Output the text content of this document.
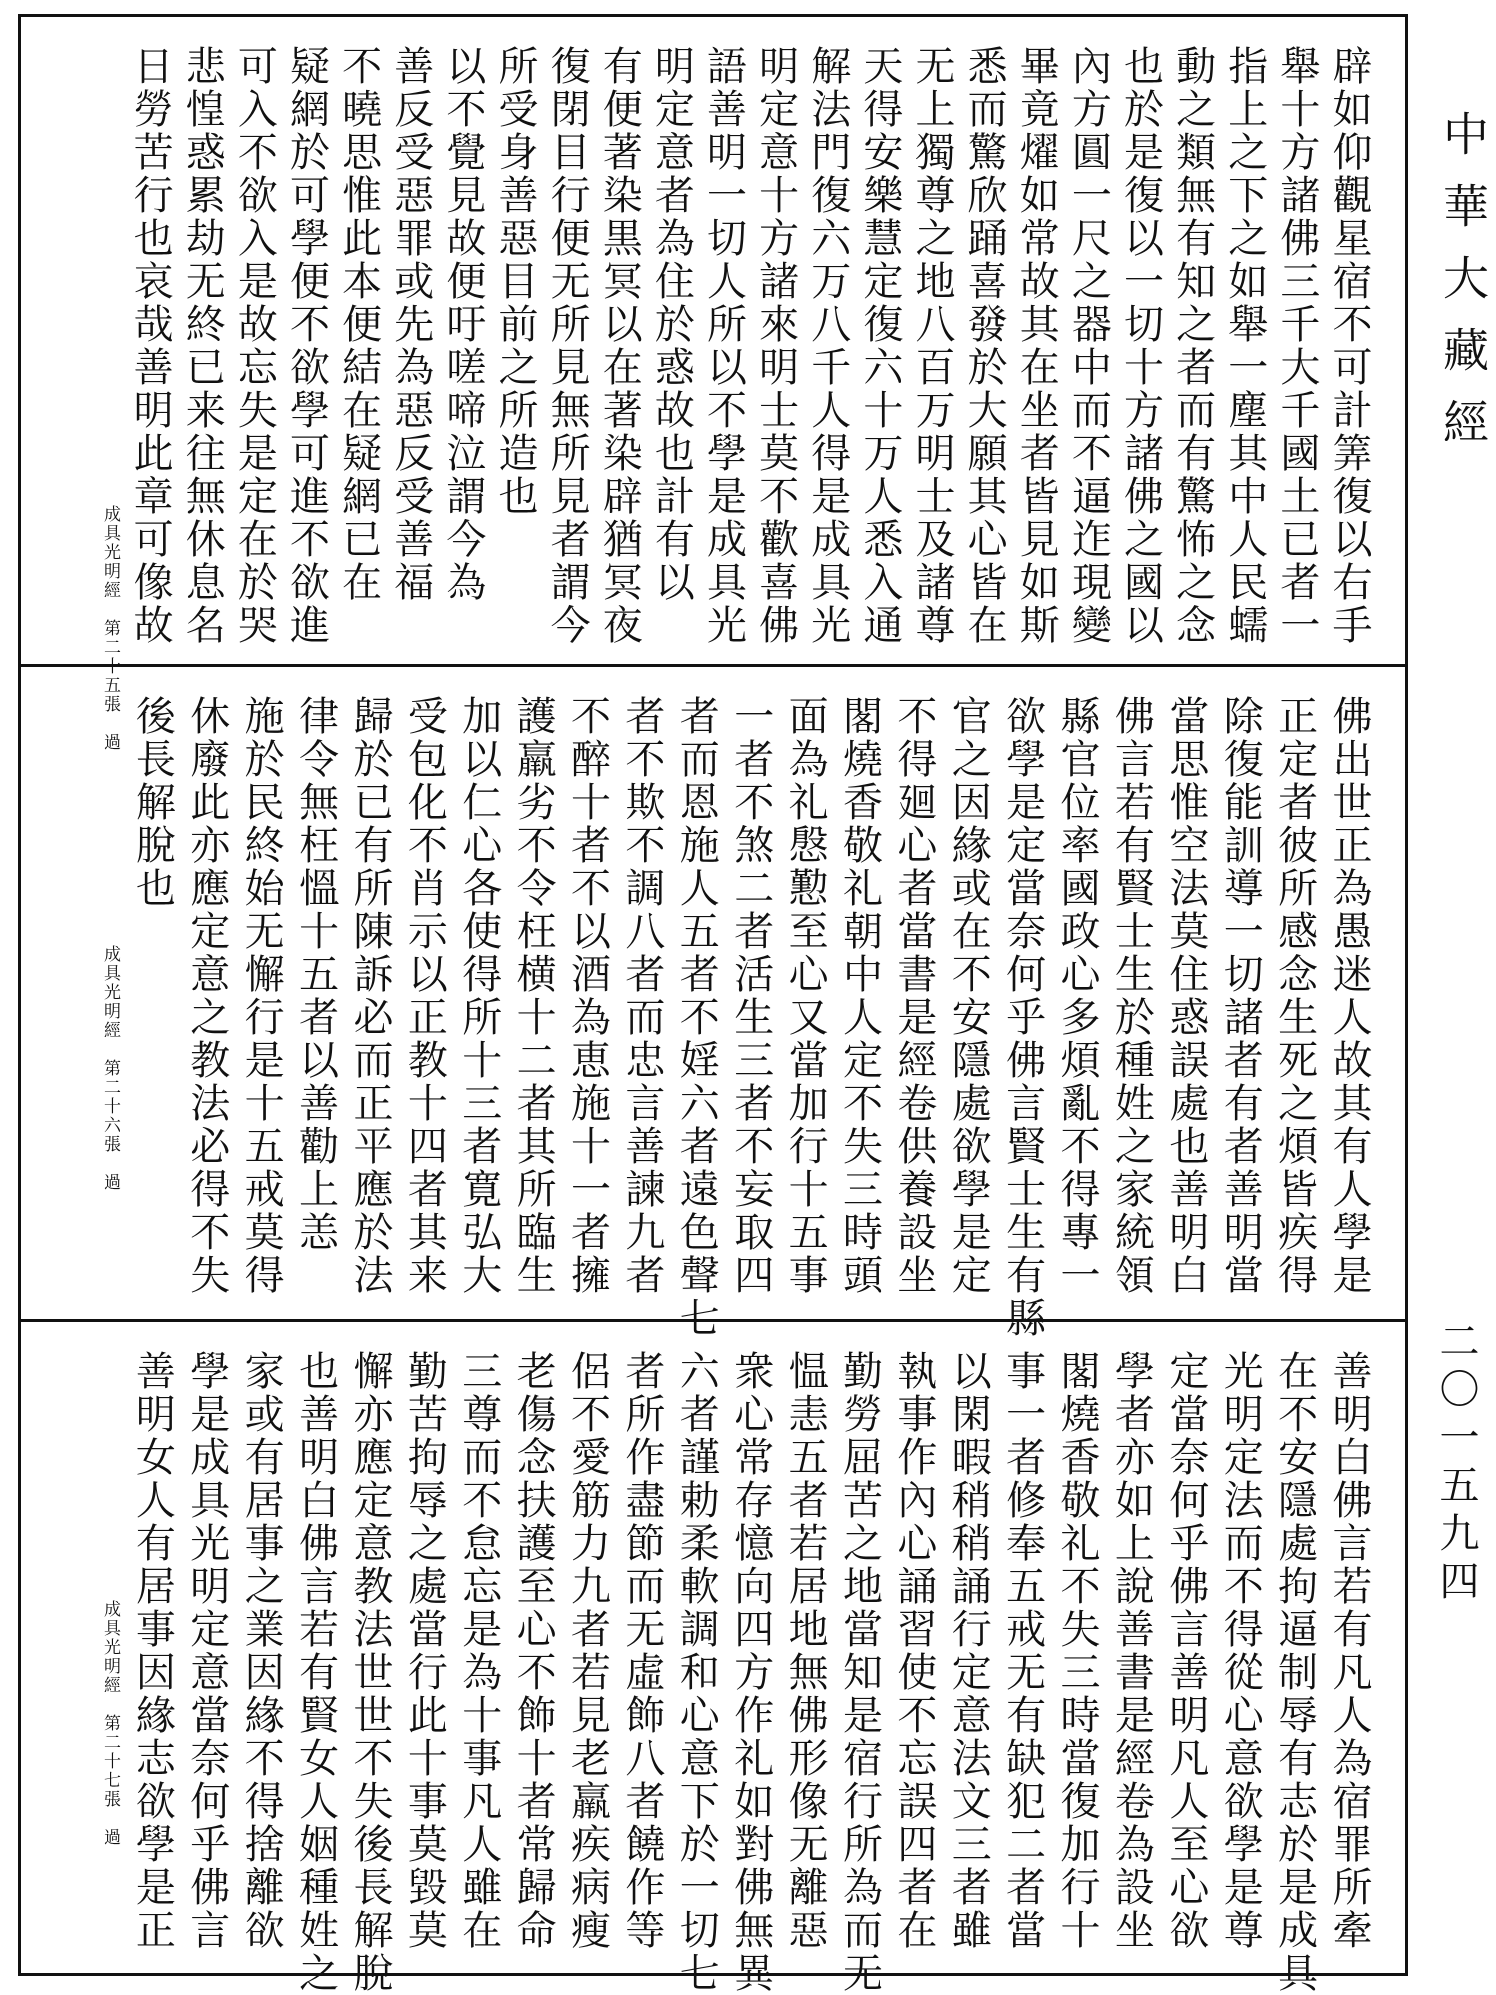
辟如仰觀星宿不可計筭復以右手
舉十方諸佛三千大千國土已者一
指上之下之如舉一塵其中人民蠕
動之類無有知之者而有驚怖之念
也於是復以一切十方諸佛之國以
內方圓一尺之器中而不逼迮現變
畢竟燿如常故其在坐者皆見如斯
悉而驚欣踊喜發於大願其心皆在
无上獨尊之地八百万明士及諸尊
天得安樂慧定復六十万人悉入通
解法門復六万八千人得是成具光
明定意十方諸來明士莫不歡喜佛
語善明一切人所以不學是成具光
明定意者為住於惑故也計有以
有便著染黒冥以在著染辟猶冥夜
復閉目行便无所見無所見者謂今
所受身善惡目前之所造也
以不覺見故便吁嗟啼泣謂今為
善反受惡罪或先為惡反受善福
不曉思惟此本便結在疑網已在
疑網於可學便不欲學可進不欲進
可入不欲入是故忘失是定在於哭
悲惶惑累劫无終已来往無休息名
日勞苦行也哀哉善明此章可像故
成具光明經　第二十五張　過
佛出世正為愚迷人故其有人學是
正定者彼所感念生死之煩皆疾得
除復能訓導一切諸者有者善明當
當思惟空法莫住惑誤處也善明白
佛言若有賢士生於種姓之家統領
縣官位率國政心多煩亂不得專一
欲學是定當奈何乎佛言賢士生有縣
官之因緣或在不安隱處欲學是定
不得廻心者當書是經卷供養設坐
閣燒香敬礼朝中人定不失三時頭
面為礼慇懃至心又當加行十五事
一者不煞二者活生三者不妄取四
者而恩施人五者不婬六者遠色聲七
者不欺不調八者而忠言善諫九者
不醉十者不以酒為恵施十一者擁
護羸劣不令枉横十二者其所臨生
加以仁心各使得所十三者寛弘大
受包化不肖示以正教十四者其来
歸於已有所陳訴必而正平應於法
律令無枉慍十五者以善勸上恙
施於民終始无懈行是十五戒莫得
休廢此亦應定意之教法必得不失
後長解脫也
成具光明經　第二十六張　過
善明白佛言若有凡人為宿罪所牽
在不安隱處拘逼制辱有志於是成具
光明定法而不得從心意欲學是尊
定當奈何乎佛言善明凡人至心欲
學者亦如上說善書是經卷為設坐
閣燒香敬礼不失三時當復加行十
事一者修奉五戒无有缺犯二者當
以閑暇稍稍誦行定意法文三者雖
執事作內心誦習使不忘誤四者在
勤勞屈苦之地當知是宿行所為而无
愠恚五者若居地無佛形像无離惡
衆心常存憶向四方作礼如對佛無異
六者謹勅柔軟調和心意下於一切七
者所作盡節而无虛飾八者饒作等
侶不愛筋力九者若見老羸疾病瘦
老傷念扶護至心不飾十者常歸命
三尊而不怠忘是為十事凡人雖在
勤苦拘辱之處當行此十事莫毀莫
懈亦應定意教法世世不失後長解脫
也善明白佛言若有賢女人姻種姓之
家或有居事之業因緣不得捨離欲
學是成具光明定意當奈何乎佛言
善明女人有居事因緣志欲學是正
成具光明經　第二十七張　過
中華大藏經
二〇一五九四
